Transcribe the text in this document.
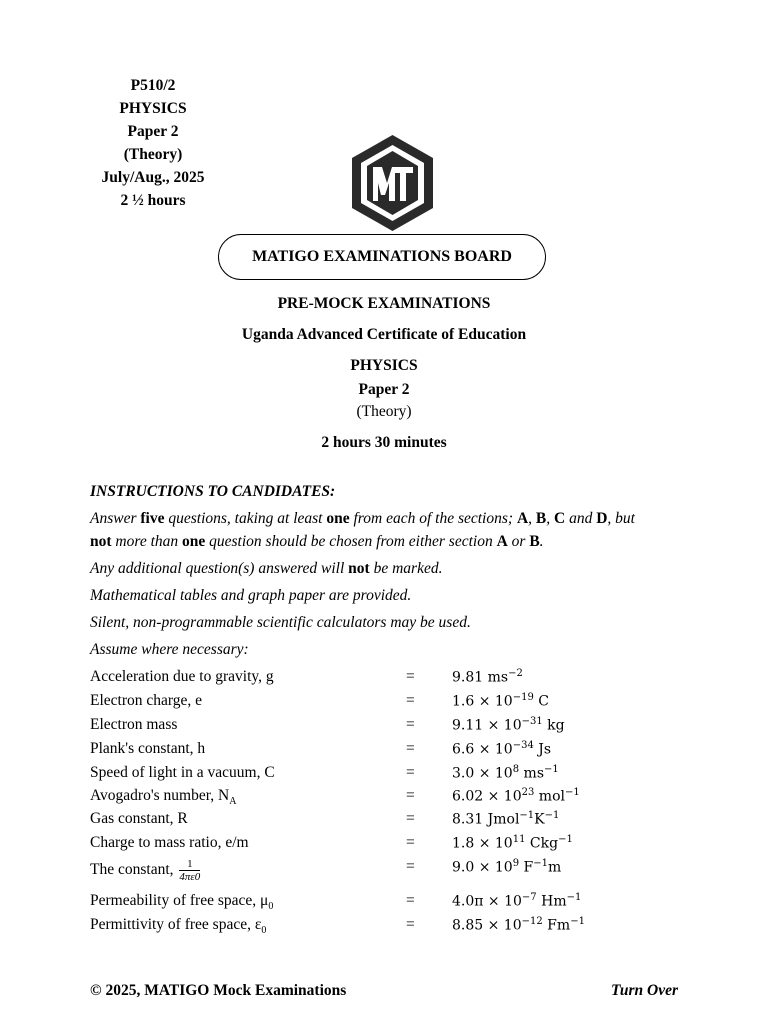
P510/2
PHYSICS
Paper 2
(Theory)
July/Aug., 2025
2 ½ hours
MATIGO EXAMINATIONS BOARD
PRE-MOCK EXAMINATIONS
Uganda Advanced Certificate of Education
PHYSICS
Paper 2
(Theory)
2 hours 30 minutes
INSTRUCTIONS TO CANDIDATES:
Answer five questions, taking at least one from each of the sections; A, B, C and D, but
not more than one question should be chosen from either section A or B.
Any additional question(s) answered will not be marked.
Mathematical tables and graph paper are provided.
Silent, non-programmable scientific calculators may be used.
Assume where necessary:
Acceleration due to gravity, g	=	9.81 $ms^{-2}$
Electron charge, e	=	$1.6 \times 10^{-19}$ C
Electron mass	=	$9.11 \times 10^{-31}$ kg
Plank's constant, h	=	$6.6 \times 10^{-34}$ Js
Speed of light in a vacuum, C	=	$3.0 \times 10^8$ $ms^{-1}$
Avogadro's number, $N_A$	=	$6.02 \times 10^{23}$ mol$^{-1}$
Gas constant, R	=	8.31 $Jmol^{-1}K^{-1}$
Charge to mass ratio, e/m	=	$1.8 \times 10^{11}$ Ckg$^{-1}$
The constant, $\frac{1}{4\pi\varepsilon 0}$	=	$9.0 \times 10^9$ $F^{-1}m$
Permeability of free space, $\mu_0$	=	$4.0\pi \times 10^{-7}$ $Hm^{-1}$
Permittivity of free space, $\varepsilon_0$	=	$8.85 \times 10^{-12}$ $Fm^{-1}$
© 2025, MATIGO Mock Examinations	Turn Over
